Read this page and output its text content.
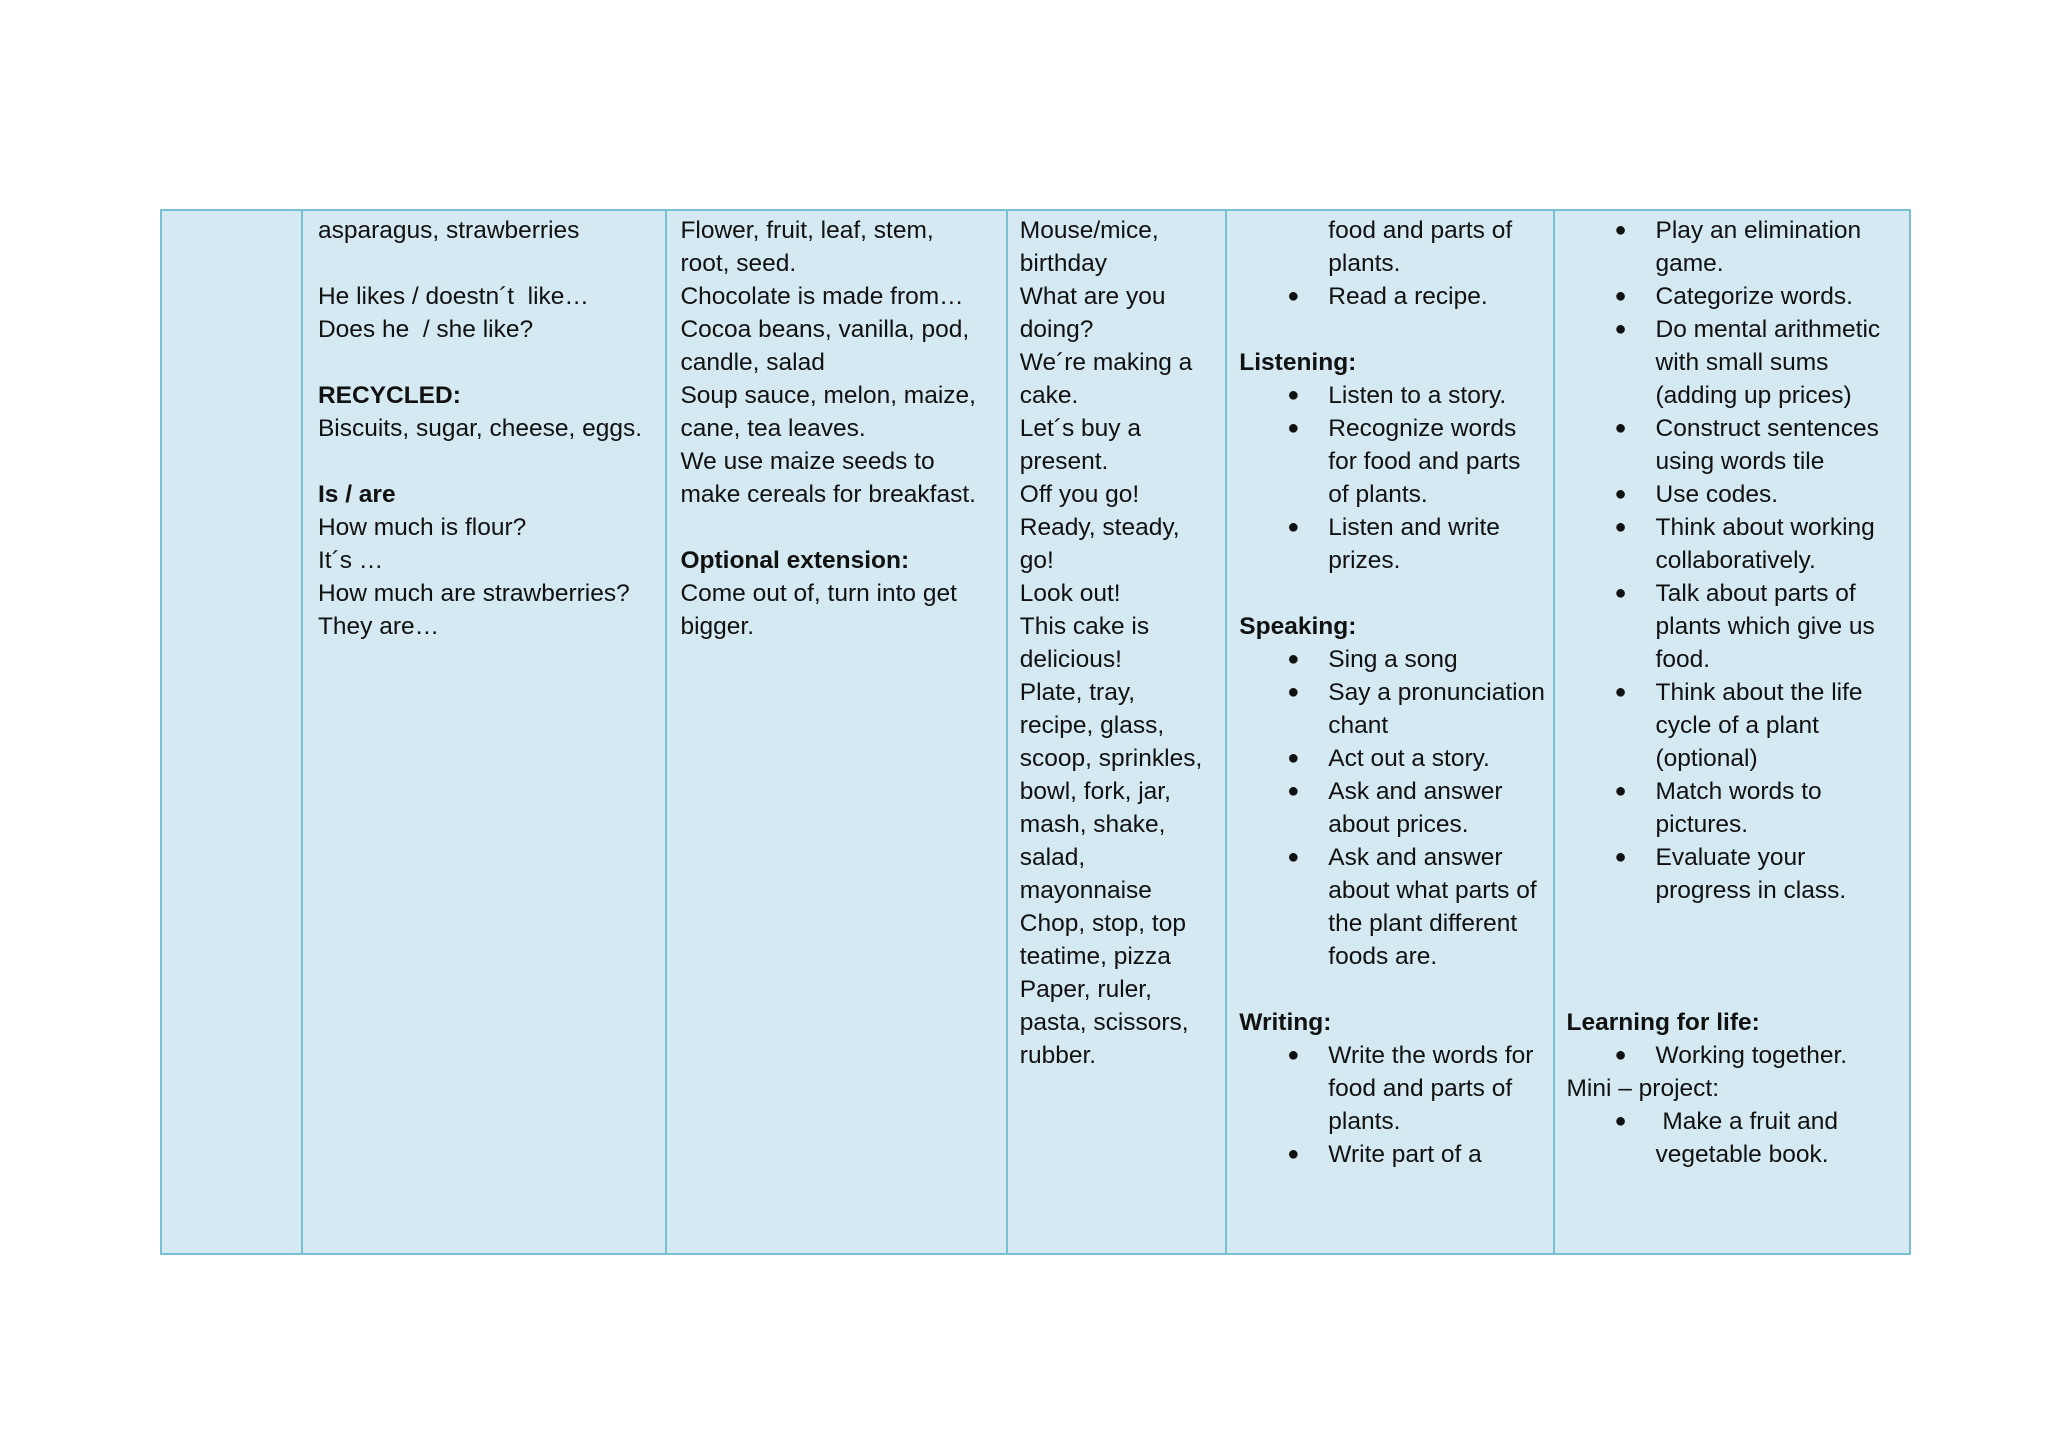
asparagus, strawberries
He likes / doestn´t  like…
Does he  / she like?
RECYCLED:
Biscuits, sugar, cheese, eggs.
Is / are
How much is flour?
It´s …
How much are strawberries?
They are…

Flower, fruit, leaf, stem,
root, seed.
Chocolate is made from…
Cocoa beans, vanilla, pod,
candle, salad
Soup sauce, melon, maize,
cane, tea leaves.
We use maize seeds to
make cereals for breakfast.
Optional extension:
Come out of, turn into get
bigger.

Mouse/mice,
birthday
What are you
doing?
We´re making a
cake.
Let´s buy a
present.
Off you go!
Ready, steady,
go!
Look out!
This cake is
delicious!
Plate, tray,
recipe, glass,
scoop, sprinkles,
bowl, fork, jar,
mash, shake,
salad,
mayonnaise
Chop, stop, top
teatime, pizza
Paper, ruler,
pasta, scissors,
rubber.

food and parts of
plants.
● Read a recipe.
Listening:
● Listen to a story.
● Recognize words for food and parts of plants.
● Listen and write prizes.
Speaking:
● Sing a song
● Say a pronunciation chant
● Act out a story.
● Ask and answer about prices.
● Ask and answer about what parts of the plant different foods are.
Writing:
● Write the words for food and parts of plants.
● Write part of a

● Play an elimination game.
● Categorize words.
● Do mental arithmetic with small sums (adding up prices)
● Construct sentences using words tile
● Use codes.
● Think about working collaboratively.
● Talk about parts of plants which give us food.
● Think about the life cycle of a plant (optional)
● Match words to pictures.
● Evaluate your progress in class.
Learning for life:
● Working together.
Mini – project:
● Make a fruit and vegetable book.
